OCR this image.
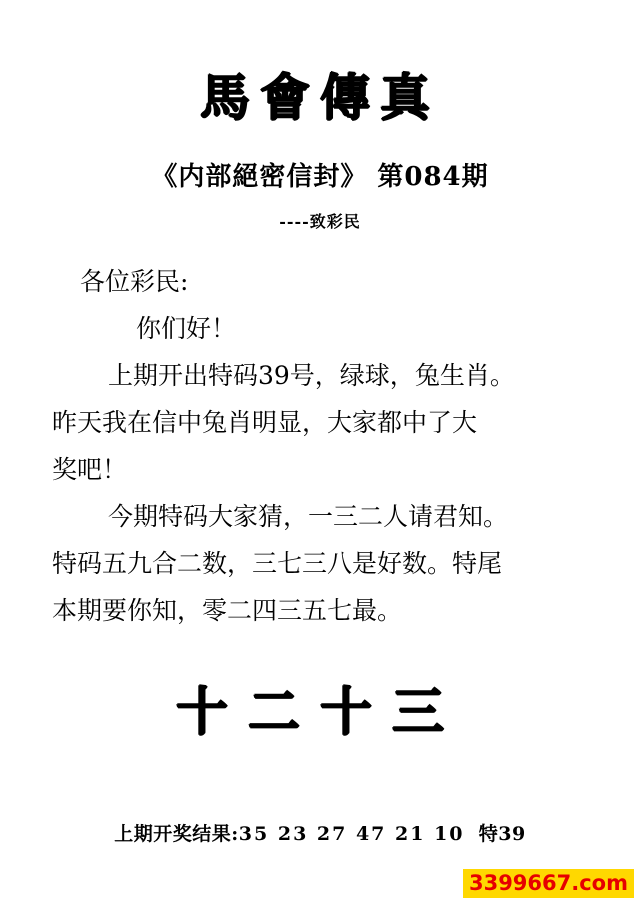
馬會傳真
《内部絕密信封》 第084期
----致彩民

各位彩民:

你们好！

上期开出特码39号，绿球，兔生肖。

昨天我在信中兔肖明显，大家都中了大

奖吧！

今期特码大家猜，一三二人请君知。

特码五九合二数，三七三八是好数。特尾

本期要你知，零二四三五七最。

十二十三
上期开奖结果:35 23 27 47 21 10 特39
3399667.com
